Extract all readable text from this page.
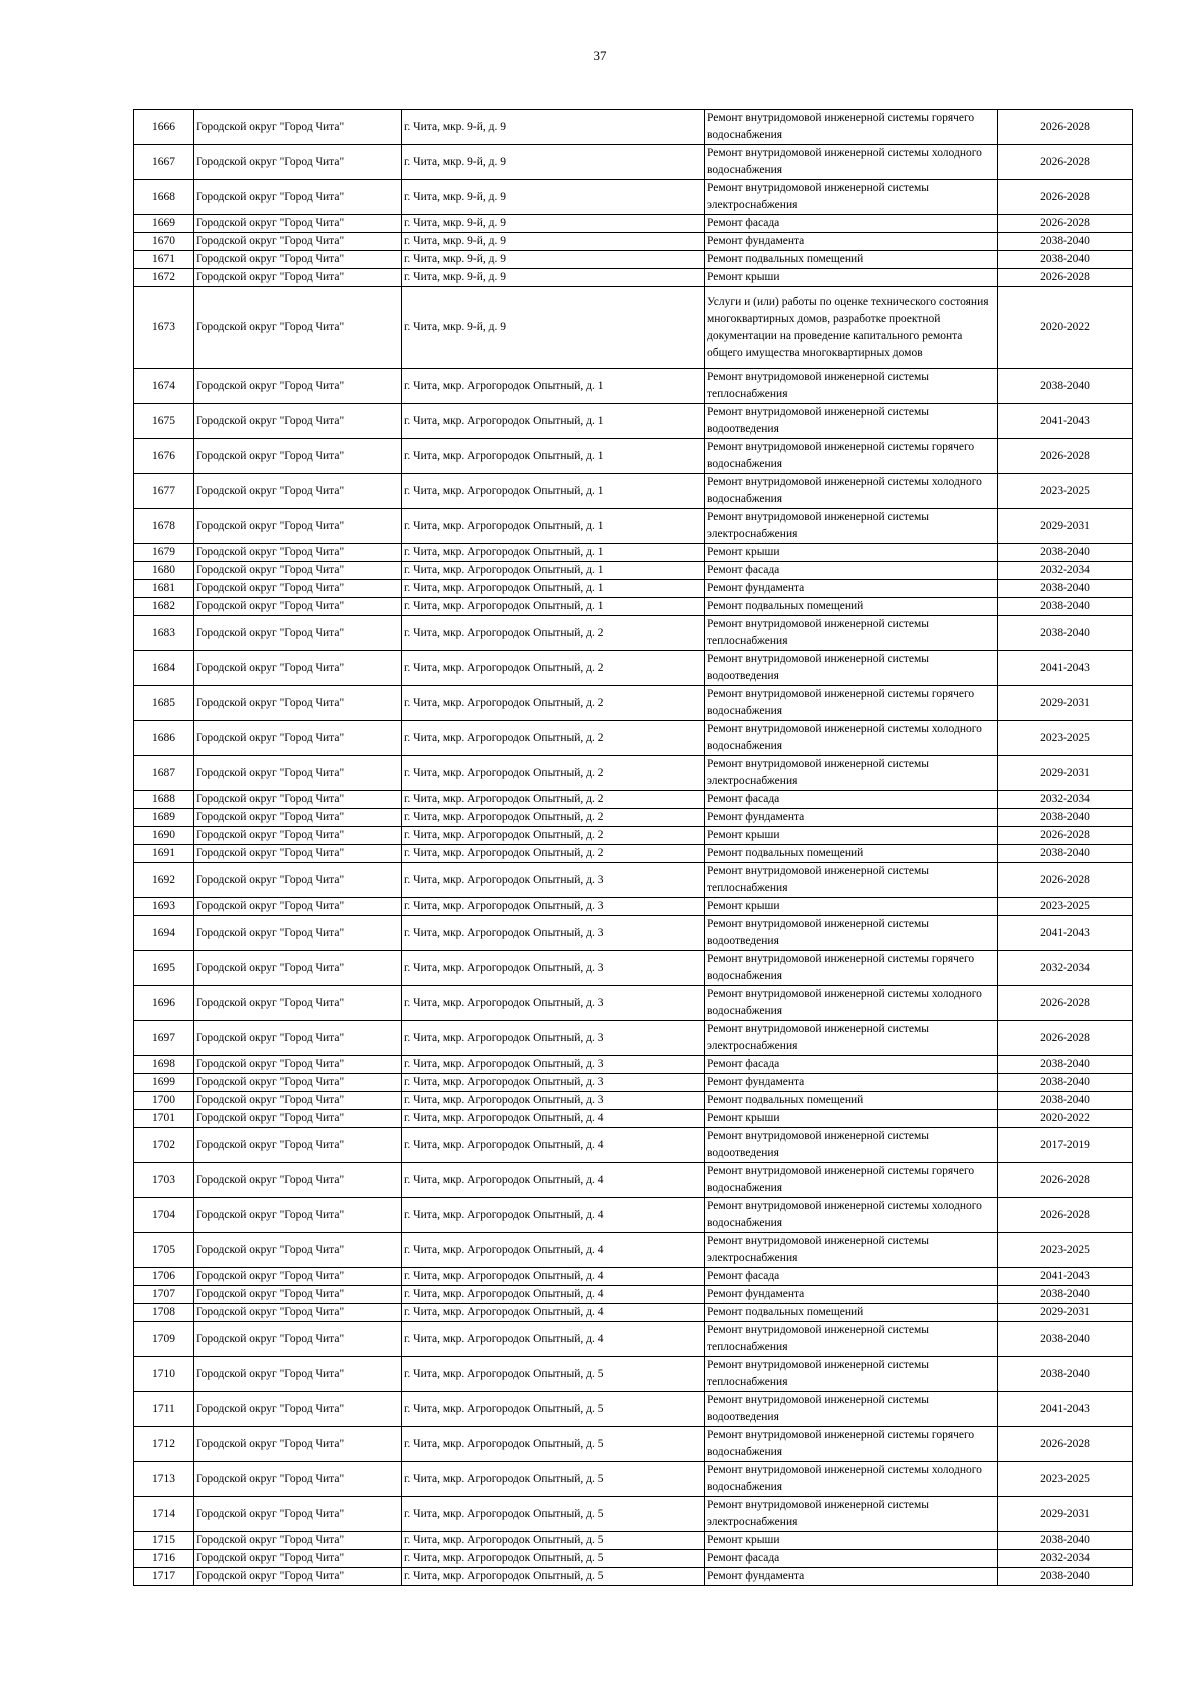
37
1666	Городской округ "Город Чита"	г. Чита, мкр. 9-й, д. 9	Ремонт внутридомовой инженерной системы горячего водоснабжения	2026-2028
1667	Городской округ "Город Чита"	г. Чита, мкр. 9-й, д. 9	Ремонт внутридомовой инженерной системы холодного водоснабжения	2026-2028
1668	Городской округ "Город Чита"	г. Чита, мкр. 9-й, д. 9	Ремонт внутридомовой инженерной системы электроснабжения	2026-2028
1669	Городской округ "Город Чита"	г. Чита, мкр. 9-й, д. 9	Ремонт фасада	2026-2028
1670	Городской округ "Город Чита"	г. Чита, мкр. 9-й, д. 9	Ремонт фундамента	2038-2040
1671	Городской округ "Город Чита"	г. Чита, мкр. 9-й, д. 9	Ремонт подвальных помещений	2038-2040
1672	Городской округ "Город Чита"	г. Чита, мкр. 9-й, д. 9	Ремонт крыши	2026-2028
1673	Городской округ "Город Чита"	г. Чита, мкр. 9-й, д. 9	Услуги и (или) работы по оценке технического состояния многоквартирных домов, разработке проектной документации на проведение капитального ремонта общего имущества многоквартирных домов	2020-2022
1674	Городской округ "Город Чита"	г. Чита, мкр. Агрогородок Опытный, д. 1	Ремонт внутридомовой инженерной системы теплоснабжения	2038-2040
1675	Городской округ "Город Чита"	г. Чита, мкр. Агрогородок Опытный, д. 1	Ремонт внутридомовой инженерной системы водоотведения	2041-2043
1676	Городской округ "Город Чита"	г. Чита, мкр. Агрогородок Опытный, д. 1	Ремонт внутридомовой инженерной системы горячего водоснабжения	2026-2028
1677	Городской округ "Город Чита"	г. Чита, мкр. Агрогородок Опытный, д. 1	Ремонт внутридомовой инженерной системы холодного водоснабжения	2023-2025
1678	Городской округ "Город Чита"	г. Чита, мкр. Агрогородок Опытный, д. 1	Ремонт внутридомовой инженерной системы электроснабжения	2029-2031
1679	Городской округ "Город Чита"	г. Чита, мкр. Агрогородок Опытный, д. 1	Ремонт крыши	2038-2040
1680	Городской округ "Город Чита"	г. Чита, мкр. Агрогородок Опытный, д. 1	Ремонт фасада	2032-2034
1681	Городской округ "Город Чита"	г. Чита, мкр. Агрогородок Опытный, д. 1	Ремонт фундамента	2038-2040
1682	Городской округ "Город Чита"	г. Чита, мкр. Агрогородок Опытный, д. 1	Ремонт подвальных помещений	2038-2040
1683	Городской округ "Город Чита"	г. Чита, мкр. Агрогородок Опытный, д. 2	Ремонт внутридомовой инженерной системы теплоснабжения	2038-2040
1684	Городской округ "Город Чита"	г. Чита, мкр. Агрогородок Опытный, д. 2	Ремонт внутридомовой инженерной системы водоотведения	2041-2043
1685	Городской округ "Город Чита"	г. Чита, мкр. Агрогородок Опытный, д. 2	Ремонт внутридомовой инженерной системы горячего водоснабжения	2029-2031
1686	Городской округ "Город Чита"	г. Чита, мкр. Агрогородок Опытный, д. 2	Ремонт внутридомовой инженерной системы холодного водоснабжения	2023-2025
1687	Городской округ "Город Чита"	г. Чита, мкр. Агрогородок Опытный, д. 2	Ремонт внутридомовой инженерной системы электроснабжения	2029-2031
1688	Городской округ "Город Чита"	г. Чита, мкр. Агрогородок Опытный, д. 2	Ремонт фасада	2032-2034
1689	Городской округ "Город Чита"	г. Чита, мкр. Агрогородок Опытный, д. 2	Ремонт фундамента	2038-2040
1690	Городской округ "Город Чита"	г. Чита, мкр. Агрогородок Опытный, д. 2	Ремонт крыши	2026-2028
1691	Городской округ "Город Чита"	г. Чита, мкр. Агрогородок Опытный, д. 2	Ремонт подвальных помещений	2038-2040
1692	Городской округ "Город Чита"	г. Чита, мкр. Агрогородок Опытный, д. 3	Ремонт внутридомовой инженерной системы теплоснабжения	2026-2028
1693	Городской округ "Город Чита"	г. Чита, мкр. Агрогородок Опытный, д. 3	Ремонт крыши	2023-2025
1694	Городской округ "Город Чита"	г. Чита, мкр. Агрогородок Опытный, д. 3	Ремонт внутридомовой инженерной системы водоотведения	2041-2043
1695	Городской округ "Город Чита"	г. Чита, мкр. Агрогородок Опытный, д. 3	Ремонт внутридомовой инженерной системы горячего водоснабжения	2032-2034
1696	Городской округ "Город Чита"	г. Чита, мкр. Агрогородок Опытный, д. 3	Ремонт внутридомовой инженерной системы холодного водоснабжения	2026-2028
1697	Городской округ "Город Чита"	г. Чита, мкр. Агрогородок Опытный, д. 3	Ремонт внутридомовой инженерной системы электроснабжения	2026-2028
1698	Городской округ "Город Чита"	г. Чита, мкр. Агрогородок Опытный, д. 3	Ремонт фасада	2038-2040
1699	Городской округ "Город Чита"	г. Чита, мкр. Агрогородок Опытный, д. 3	Ремонт фундамента	2038-2040
1700	Городской округ "Город Чита"	г. Чита, мкр. Агрогородок Опытный, д. 3	Ремонт подвальных помещений	2038-2040
1701	Городской округ "Город Чита"	г. Чита, мкр. Агрогородок Опытный, д. 4	Ремонт крыши	2020-2022
1702	Городской округ "Город Чита"	г. Чита, мкр. Агрогородок Опытный, д. 4	Ремонт внутридомовой инженерной системы водоотведения	2017-2019
1703	Городской округ "Город Чита"	г. Чита, мкр. Агрогородок Опытный, д. 4	Ремонт внутридомовой инженерной системы горячего водоснабжения	2026-2028
1704	Городской округ "Город Чита"	г. Чита, мкр. Агрогородок Опытный, д. 4	Ремонт внутридомовой инженерной системы холодного водоснабжения	2026-2028
1705	Городской округ "Город Чита"	г. Чита, мкр. Агрогородок Опытный, д. 4	Ремонт внутридомовой инженерной системы электроснабжения	2023-2025
1706	Городской округ "Город Чита"	г. Чита, мкр. Агрогородок Опытный, д. 4	Ремонт фасада	2041-2043
1707	Городской округ "Город Чита"	г. Чита, мкр. Агрогородок Опытный, д. 4	Ремонт фундамента	2038-2040
1708	Городской округ "Город Чита"	г. Чита, мкр. Агрогородок Опытный, д. 4	Ремонт подвальных помещений	2029-2031
1709	Городской округ "Город Чита"	г. Чита, мкр. Агрогородок Опытный, д. 4	Ремонт внутридомовой инженерной системы теплоснабжения	2038-2040
1710	Городской округ "Город Чита"	г. Чита, мкр. Агрогородок Опытный, д. 5	Ремонт внутридомовой инженерной системы теплоснабжения	2038-2040
1711	Городской округ "Город Чита"	г. Чита, мкр. Агрогородок Опытный, д. 5	Ремонт внутридомовой инженерной системы водоотведения	2041-2043
1712	Городской округ "Город Чита"	г. Чита, мкр. Агрогородок Опытный, д. 5	Ремонт внутридомовой инженерной системы горячего водоснабжения	2026-2028
1713	Городской округ "Город Чита"	г. Чита, мкр. Агрогородок Опытный, д. 5	Ремонт внутридомовой инженерной системы холодного водоснабжения	2023-2025
1714	Городской округ "Город Чита"	г. Чита, мкр. Агрогородок Опытный, д. 5	Ремонт внутридомовой инженерной системы электроснабжения	2029-2031
1715	Городской округ "Город Чита"	г. Чита, мкр. Агрогородок Опытный, д. 5	Ремонт крыши	2038-2040
1716	Городской округ "Город Чита"	г. Чита, мкр. Агрогородок Опытный, д. 5	Ремонт фасада	2032-2034
1717	Городской округ "Город Чита"	г. Чита, мкр. Агрогородок Опытный, д. 5	Ремонт фундамента	2038-2040
